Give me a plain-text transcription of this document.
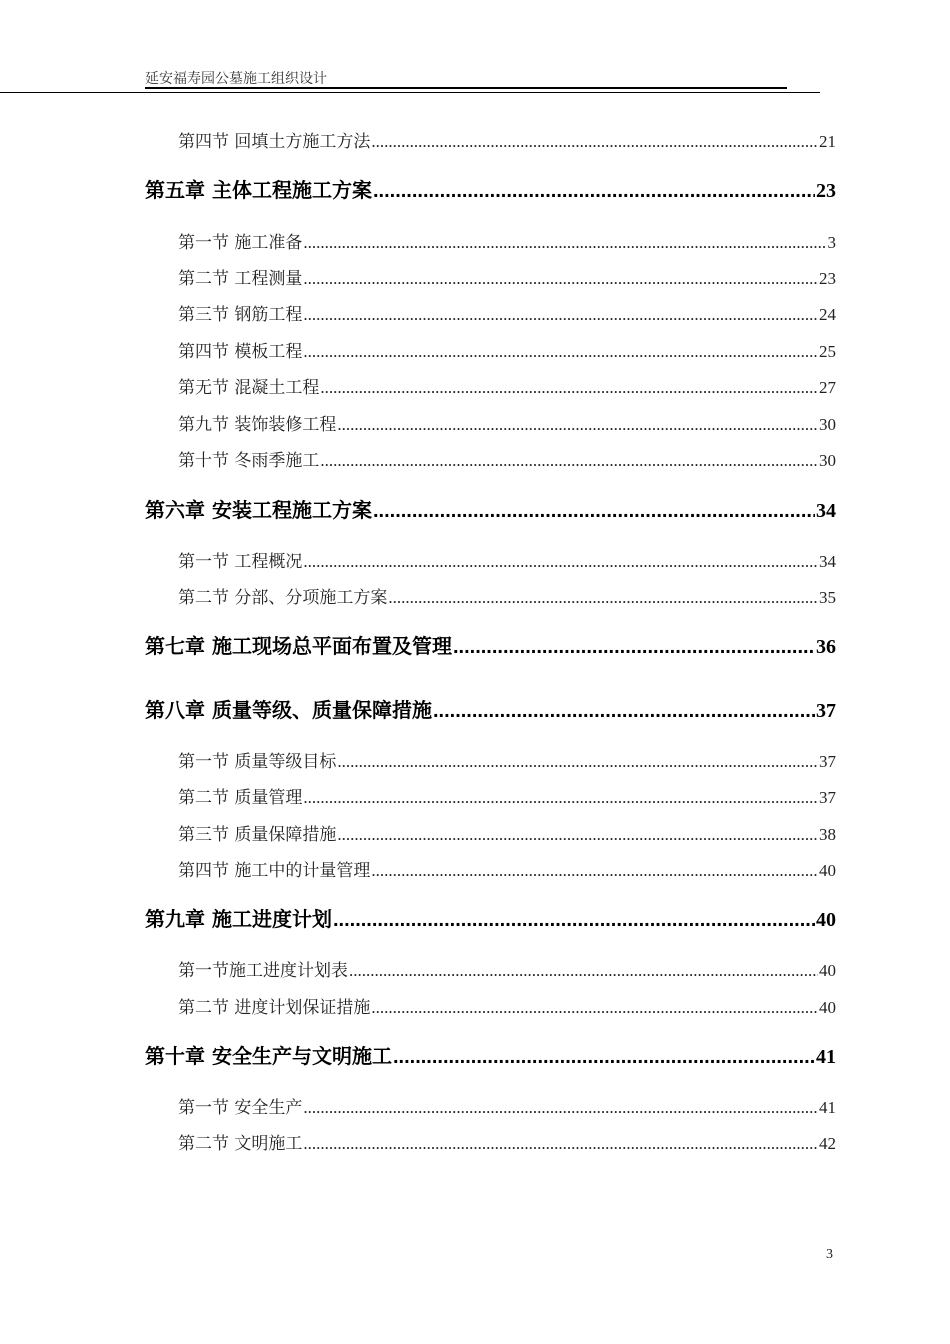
延安福寿园公墓施工组织设计
第四节 回填土方施工方法 .....	21
第五章 主体工程施工方案 .....	23
第一节 施工准备 .....	3
第二节 工程测量 .....	23
第三节 钢筋工程 .....	24
第四节 模板工程 .....	25
第无节 混凝土工程 .....	27
第九节 装饰装修工程 .....	30
第十节 冬雨季施工 .....	30
第六章 安装工程施工方案 .....	34
第一节 工程概况 .....	34
第二节 分部、分项施工方案 .....	35
第七章 施工现场总平面布置及管理 .....	36
第八章 质量等级、质量保障措施 .....	37
第一节 质量等级目标 .....	37
第二节 质量管理 .....	37
第三节 质量保障措施 .....	38
第四节 施工中的计量管理 .....	40
第九章 施工进度计划 .....	40
第一节施工进度计划表 .....	40
第二节 进度计划保证措施 .....	40
第十章 安全生产与文明施工 .....	41
第一节 安全生产 .....	41
第二节 文明施工 .....	42
3
